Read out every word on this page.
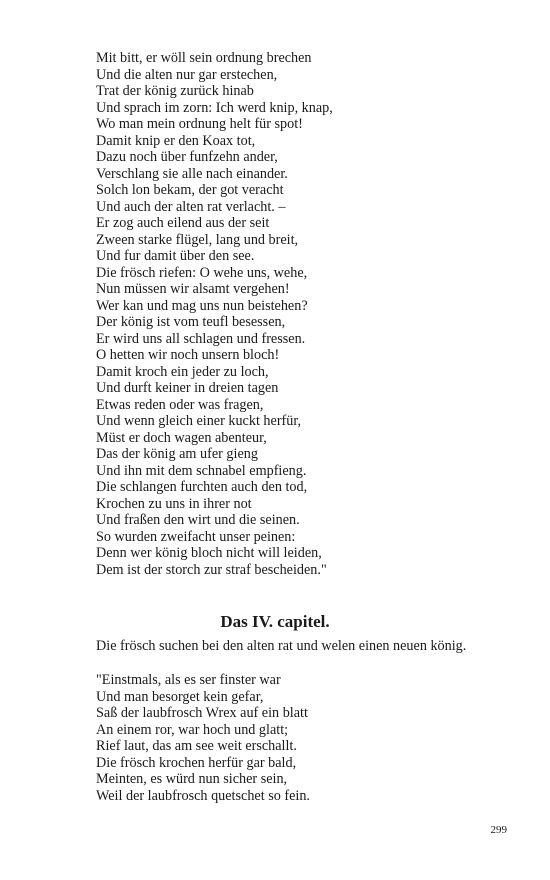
Mit bitt, er wöll sein ordnung brechen
Und die alten nur gar erstechen,
Trat der könig zurück hinab
Und sprach im zorn: Ich werd knip, knap,
Wo man mein ordnung helt für spot!
Damit knip er den Koax tot,
Dazu noch über funfzehn ander,
Verschlang sie alle nach einander.
Solch lon bekam, der got veracht
Und auch der alten rat verlacht. –
Er zog auch eilend aus der seit
Zween starke flügel, lang und breit,
Und fur damit über den see.
Die frösch riefen: O wehe uns, wehe,
Nun müssen wir alsamt vergehen!
Wer kan und mag uns nun beistehen?
Der könig ist vom teufl besessen,
Er wird uns all schlagen und fressen.
O hetten wir noch unsern bloch!
Damit kroch ein jeder zu loch,
Und durft keiner in dreien tagen
Etwas reden oder was fragen,
Und wenn gleich einer kuckt herfür,
Müst er doch wagen abenteur,
Das der könig am ufer gieng
Und ihn mit dem schnabel empfieng.
Die schlangen furchten auch den tod,
Krochen zu uns in ihrer not
Und fraßen den wirt und die seinen.
So wurden zweifacht unser peinen:
Denn wer könig bloch nicht will leiden,
Dem ist der storch zur straf bescheiden."
Das IV. capitel.
Die frösch suchen bei den alten rat und welen einen neuen könig.
"Einstmals, als es ser finster war
Und man besorget kein gefar,
Saß der laubfrosch Wrex auf ein blatt
An einem ror, war hoch und glatt;
Rief laut, das am see weit erschallt.
Die frösch krochen herfür gar bald,
Meinten, es würd nun sicher sein,
Weil der laubfrosch quetschet so fein.
299
